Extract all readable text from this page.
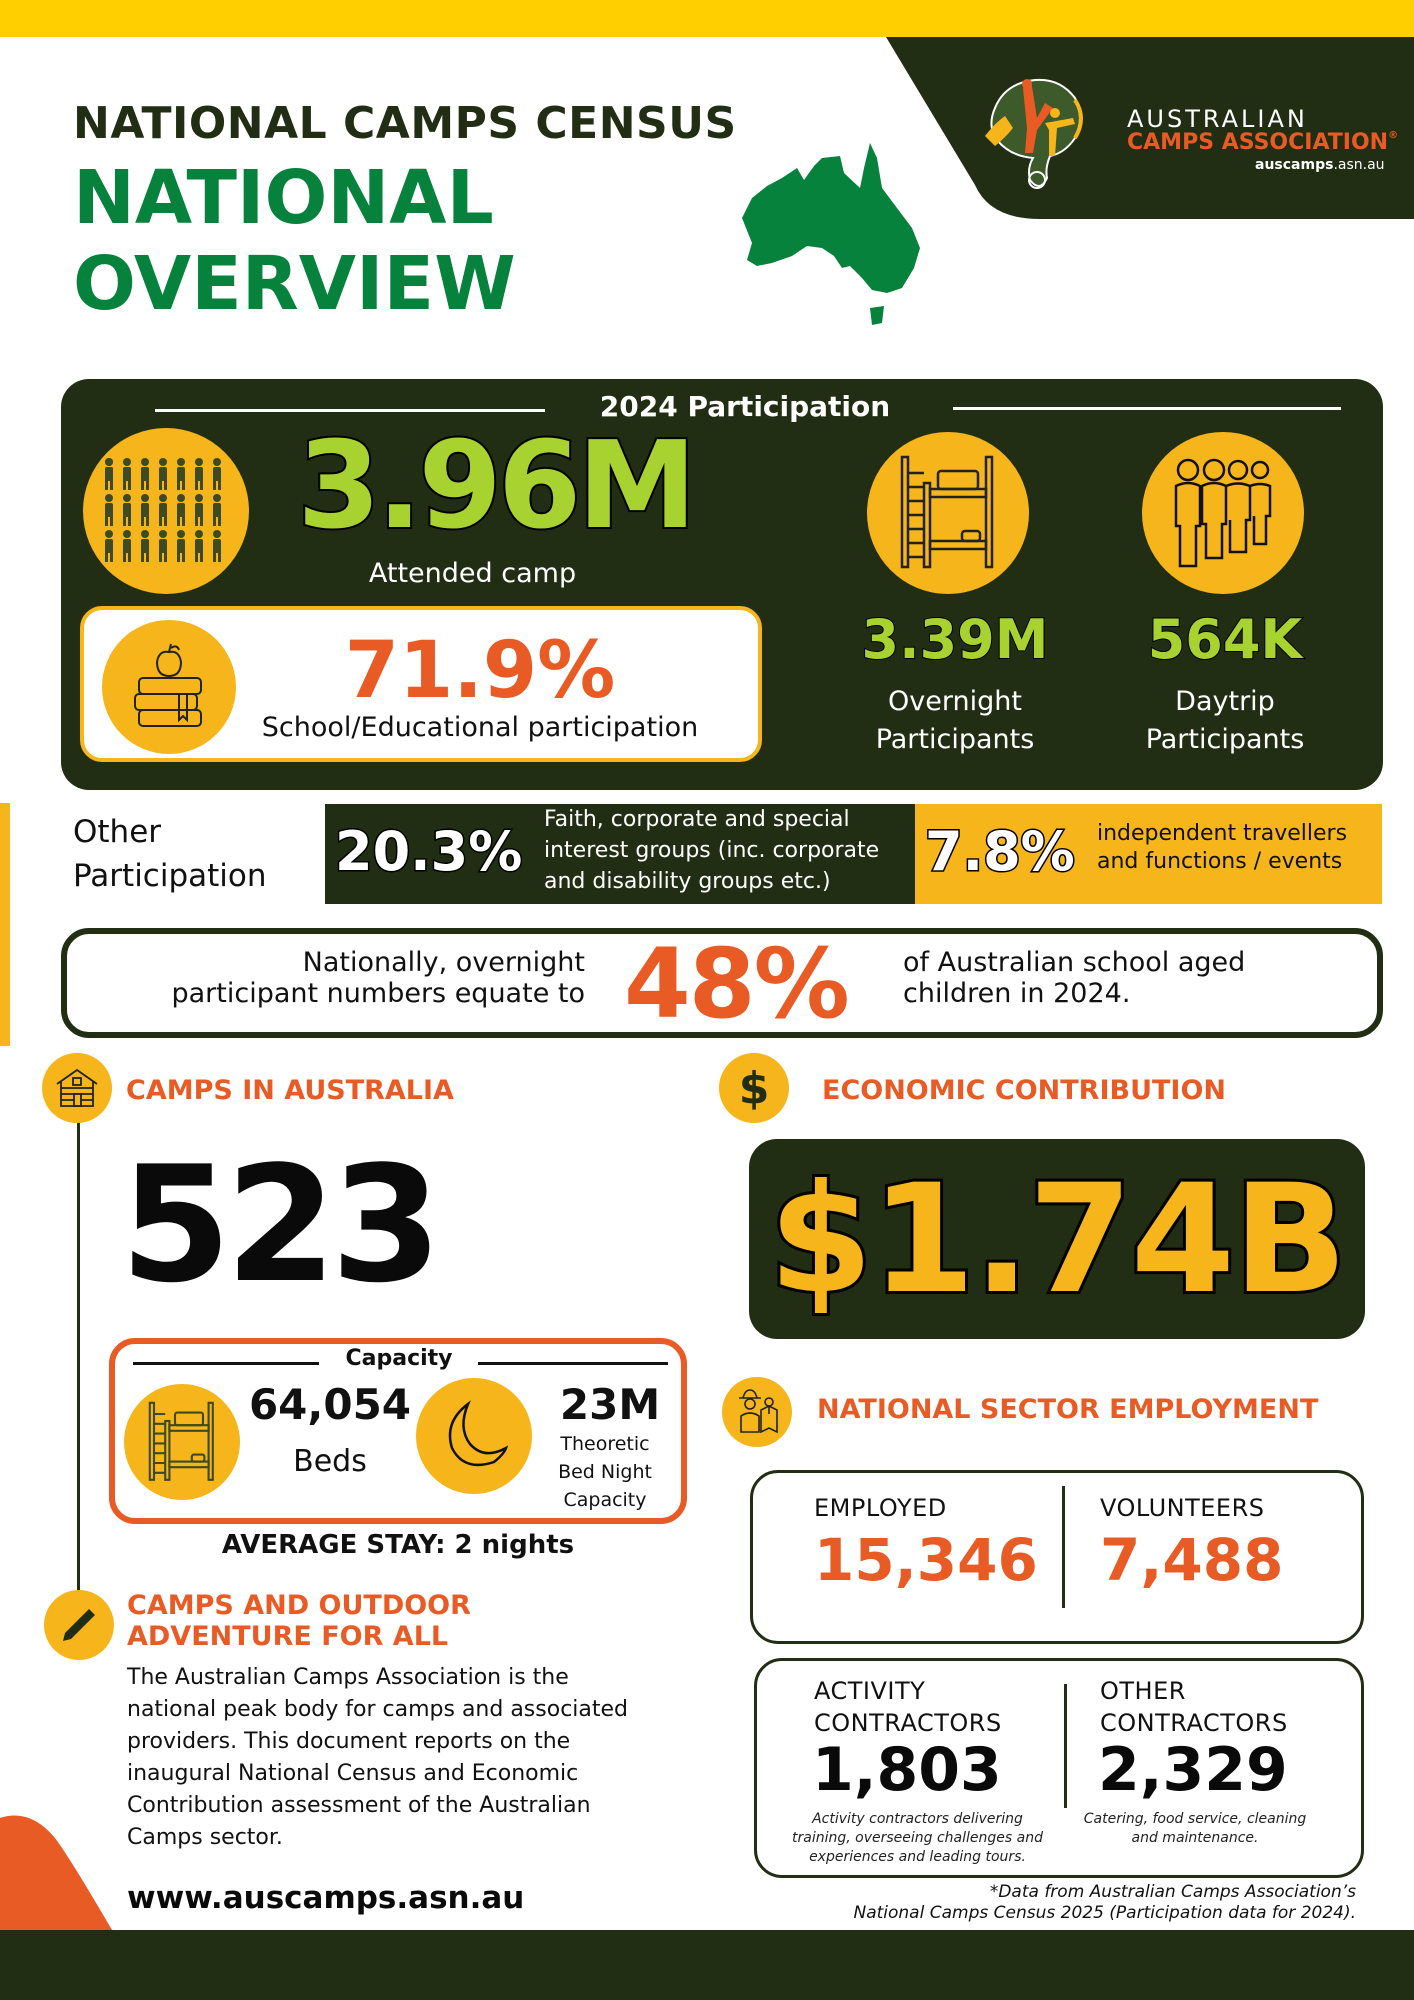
AUSTRALIAN
CAMPS ASSOCIATION®
auscamps.asn.au
NATIONAL CAMPS CENSUS
NATIONAL
OVERVIEW
2024 Participation
3.96M
Attended camp
71.9%
School/Educational participation
3.39M
Overnight
Participants
564K
Daytrip
Participants
Other
Participation 20.3%
Faith, corporate and special
interest groups (inc. corporate
and disability groups etc.)	7.8% independent travellers
and functions / events
Nationally, overnight
participant numbers equate to 48% of Australian school aged
children in 2024.
CAMPS IN AUSTRALIA
523
Capacity
64,054
Beds
23M
Theoretic
Bed Night
Capacity
AVERAGE STAY: 2 nights
CAMPS AND OUTDOOR
ADVENTURE FOR ALL
The Australian Camps Association is the
national peak body for camps and associated
providers. This document reports on the
inaugural National Census and Economic
Contribution assessment of the Australian
Camps sector.
www.auscamps.asn.au
$ ECONOMIC CONTRIBUTION
$1.74B
NATIONAL SECTOR EMPLOYMENT
EMPLOYED
15,346
VOLUNTEERS
7,488
ACTIVITY
CONTRACTORS
1,803
Activity contractors delivering
training, overseeing challenges and
experiences and leading tours.
OTHER
CONTRACTORS
2,329
Catering, food service, cleaning
and maintenance.
*Data from Australian Camps Association’s
National Camps Census 2025 (Participation data for 2024).
